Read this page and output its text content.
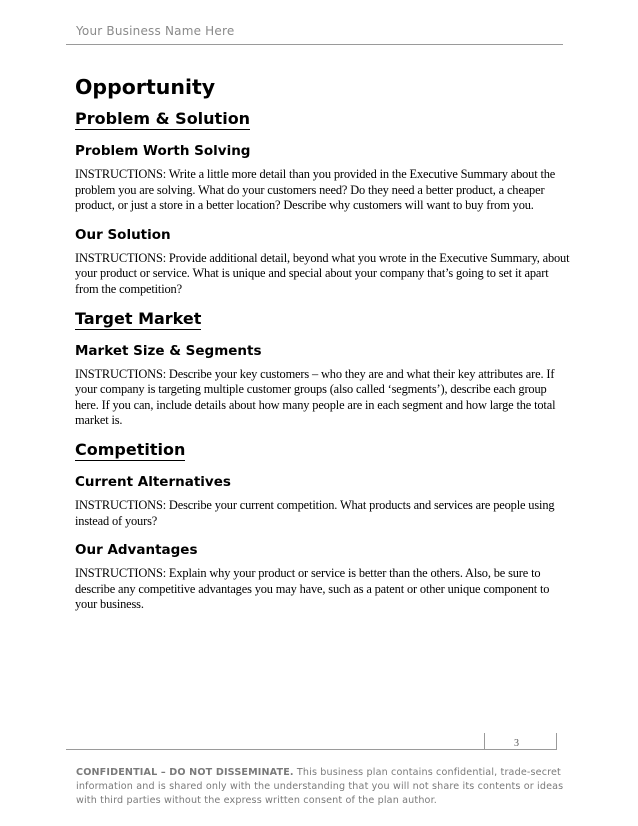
Your Business Name Here
Opportunity
Problem & Solution
Problem Worth Solving

INSTRUCTIONS: Write a little more detail than you provided in the Executive Summary about the problem you are solving. What do your customers need? Do they need a better product, a cheaper product, or just a store in a better location? Describe why customers will want to buy from you.

Our Solution

INSTRUCTIONS: Provide additional detail, beyond what you wrote in the Executive Summary, about your product or service. What is unique and special about your company that’s going to set it apart from the competition?

Target Market
Market Size & Segments

INSTRUCTIONS: Describe your key customers – who they are and what their key attributes are. If your company is targeting multiple customer groups (also called ‘segments’), describe each group here. If you can, include details about how many people are in each segment and how large the total market is.

Competition
Current Alternatives

INSTRUCTIONS: Describe your current competition. What products and services are people using instead of yours?

Our Advantages

INSTRUCTIONS: Explain why your product or service is better than the others. Also, be sure to describe any competitive advantages you may have, such as a patent or other unique component to your business.

3
CONFIDENTIAL – DO NOT DISSEMINATE. This business plan contains confidential, trade-secret information and is shared only with the understanding that you will not share its contents or ideas with third parties without the express written consent of the plan author.
